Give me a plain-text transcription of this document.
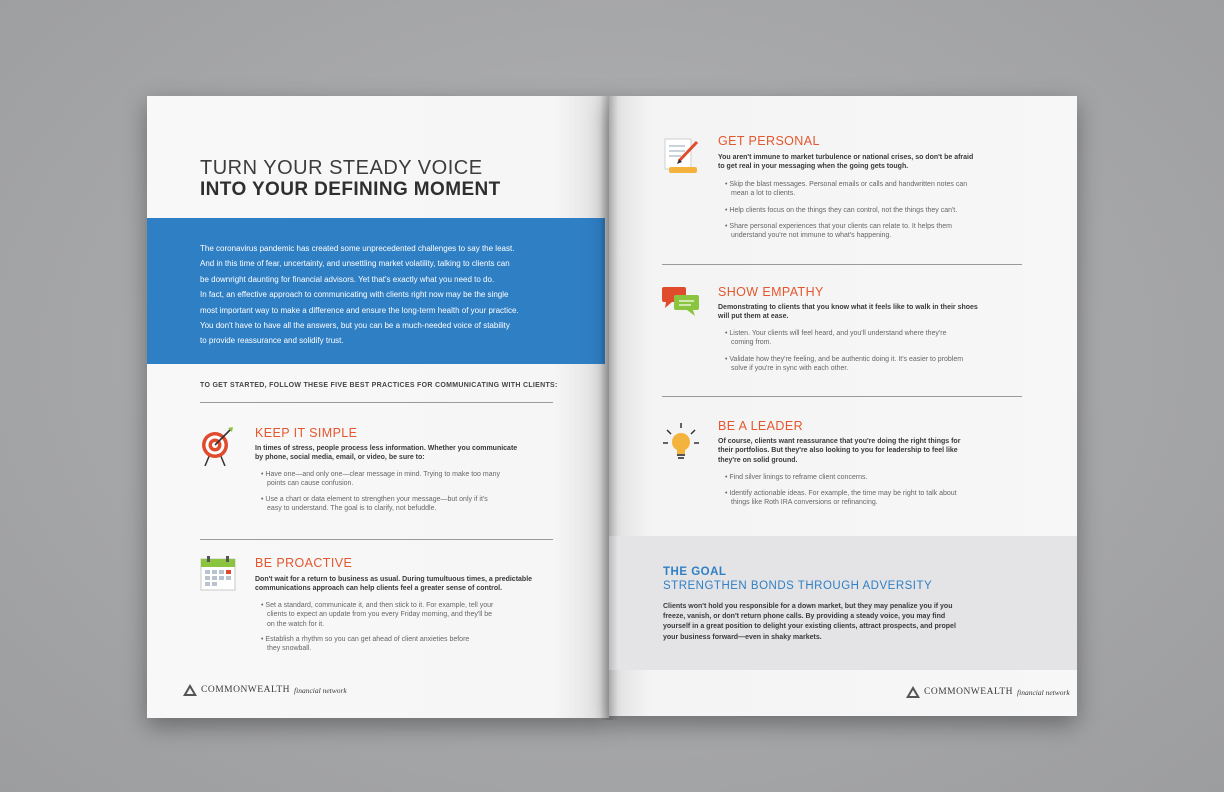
TURN YOUR STEADY VOICE
INTO YOUR DEFINING MOMENT
The coronavirus pandemic has created some unprecedented challenges to say the least.
And in this time of fear, uncertainty, and unsettling market volatility, talking to clients can
be downright daunting for financial advisors. Yet that's exactly what you need to do.
In fact, an effective approach to communicating with clients right now may be the single
most important way to make a difference and ensure the long-term health of your practice.
You don't have to have all the answers, but you can be a much-needed voice of stability
to provide reassurance and solidify trust.
TO GET STARTED, FOLLOW THESE FIVE BEST PRACTICES FOR COMMUNICATING WITH CLIENTS:
KEEP IT SIMPLE
In times of stress, people process less information. Whether you communicate
by phone, social media, email, or video, be sure to:
• Have one—and only one—clear message in mind. Trying to make too many
points can cause confusion.
• Use a chart or data element to strengthen your message—but only if it's
easy to understand. The goal is to clarify, not befuddle.
BE PROACTIVE
Don't wait for a return to business as usual. During tumultuous times, a predictable
communications approach can help clients feel a greater sense of control.
• Set a standard, communicate it, and then stick to it. For example, tell your
clients to expect an update from you every Friday morning, and they'll be
on the watch for it.
• Establish a rhythm so you can get ahead of client anxieties before
they snowball.
COMMONWEALTH financial network
GET PERSONAL
You aren't immune to market turbulence or national crises, so don't be afraid
to get real in your messaging when the going gets tough.
• Skip the blast messages. Personal emails or calls and handwritten notes can
mean a lot to clients.
• Help clients focus on the things they can control, not the things they can't.
• Share personal experiences that your clients can relate to. It helps them
understand you're not immune to what's happening.
SHOW EMPATHY
Demonstrating to clients that you know what it feels like to walk in their shoes
will put them at ease.
• Listen. Your clients will feel heard, and you'll understand where they're
coming from.
• Validate how they're feeling, and be authentic doing it. It's easier to problem
solve if you're in sync with each other.
BE A LEADER
Of course, clients want reassurance that you're doing the right things for
their portfolios. But they're also looking to you for leadership to feel like
they're on solid ground.
• Find silver linings to reframe client concerns.
• Identify actionable ideas. For example, the time may be right to talk about
things like Roth IRA conversions or refinancing.
THE GOAL
STRENGTHEN BONDS THROUGH ADVERSITY
Clients won't hold you responsible for a down market, but they may penalize you if you
freeze, vanish, or don't return phone calls. By providing a steady voice, you may find
yourself in a great position to delight your existing clients, attract prospects, and propel
your business forward—even in shaky markets.
COMMONWEALTH financial network
